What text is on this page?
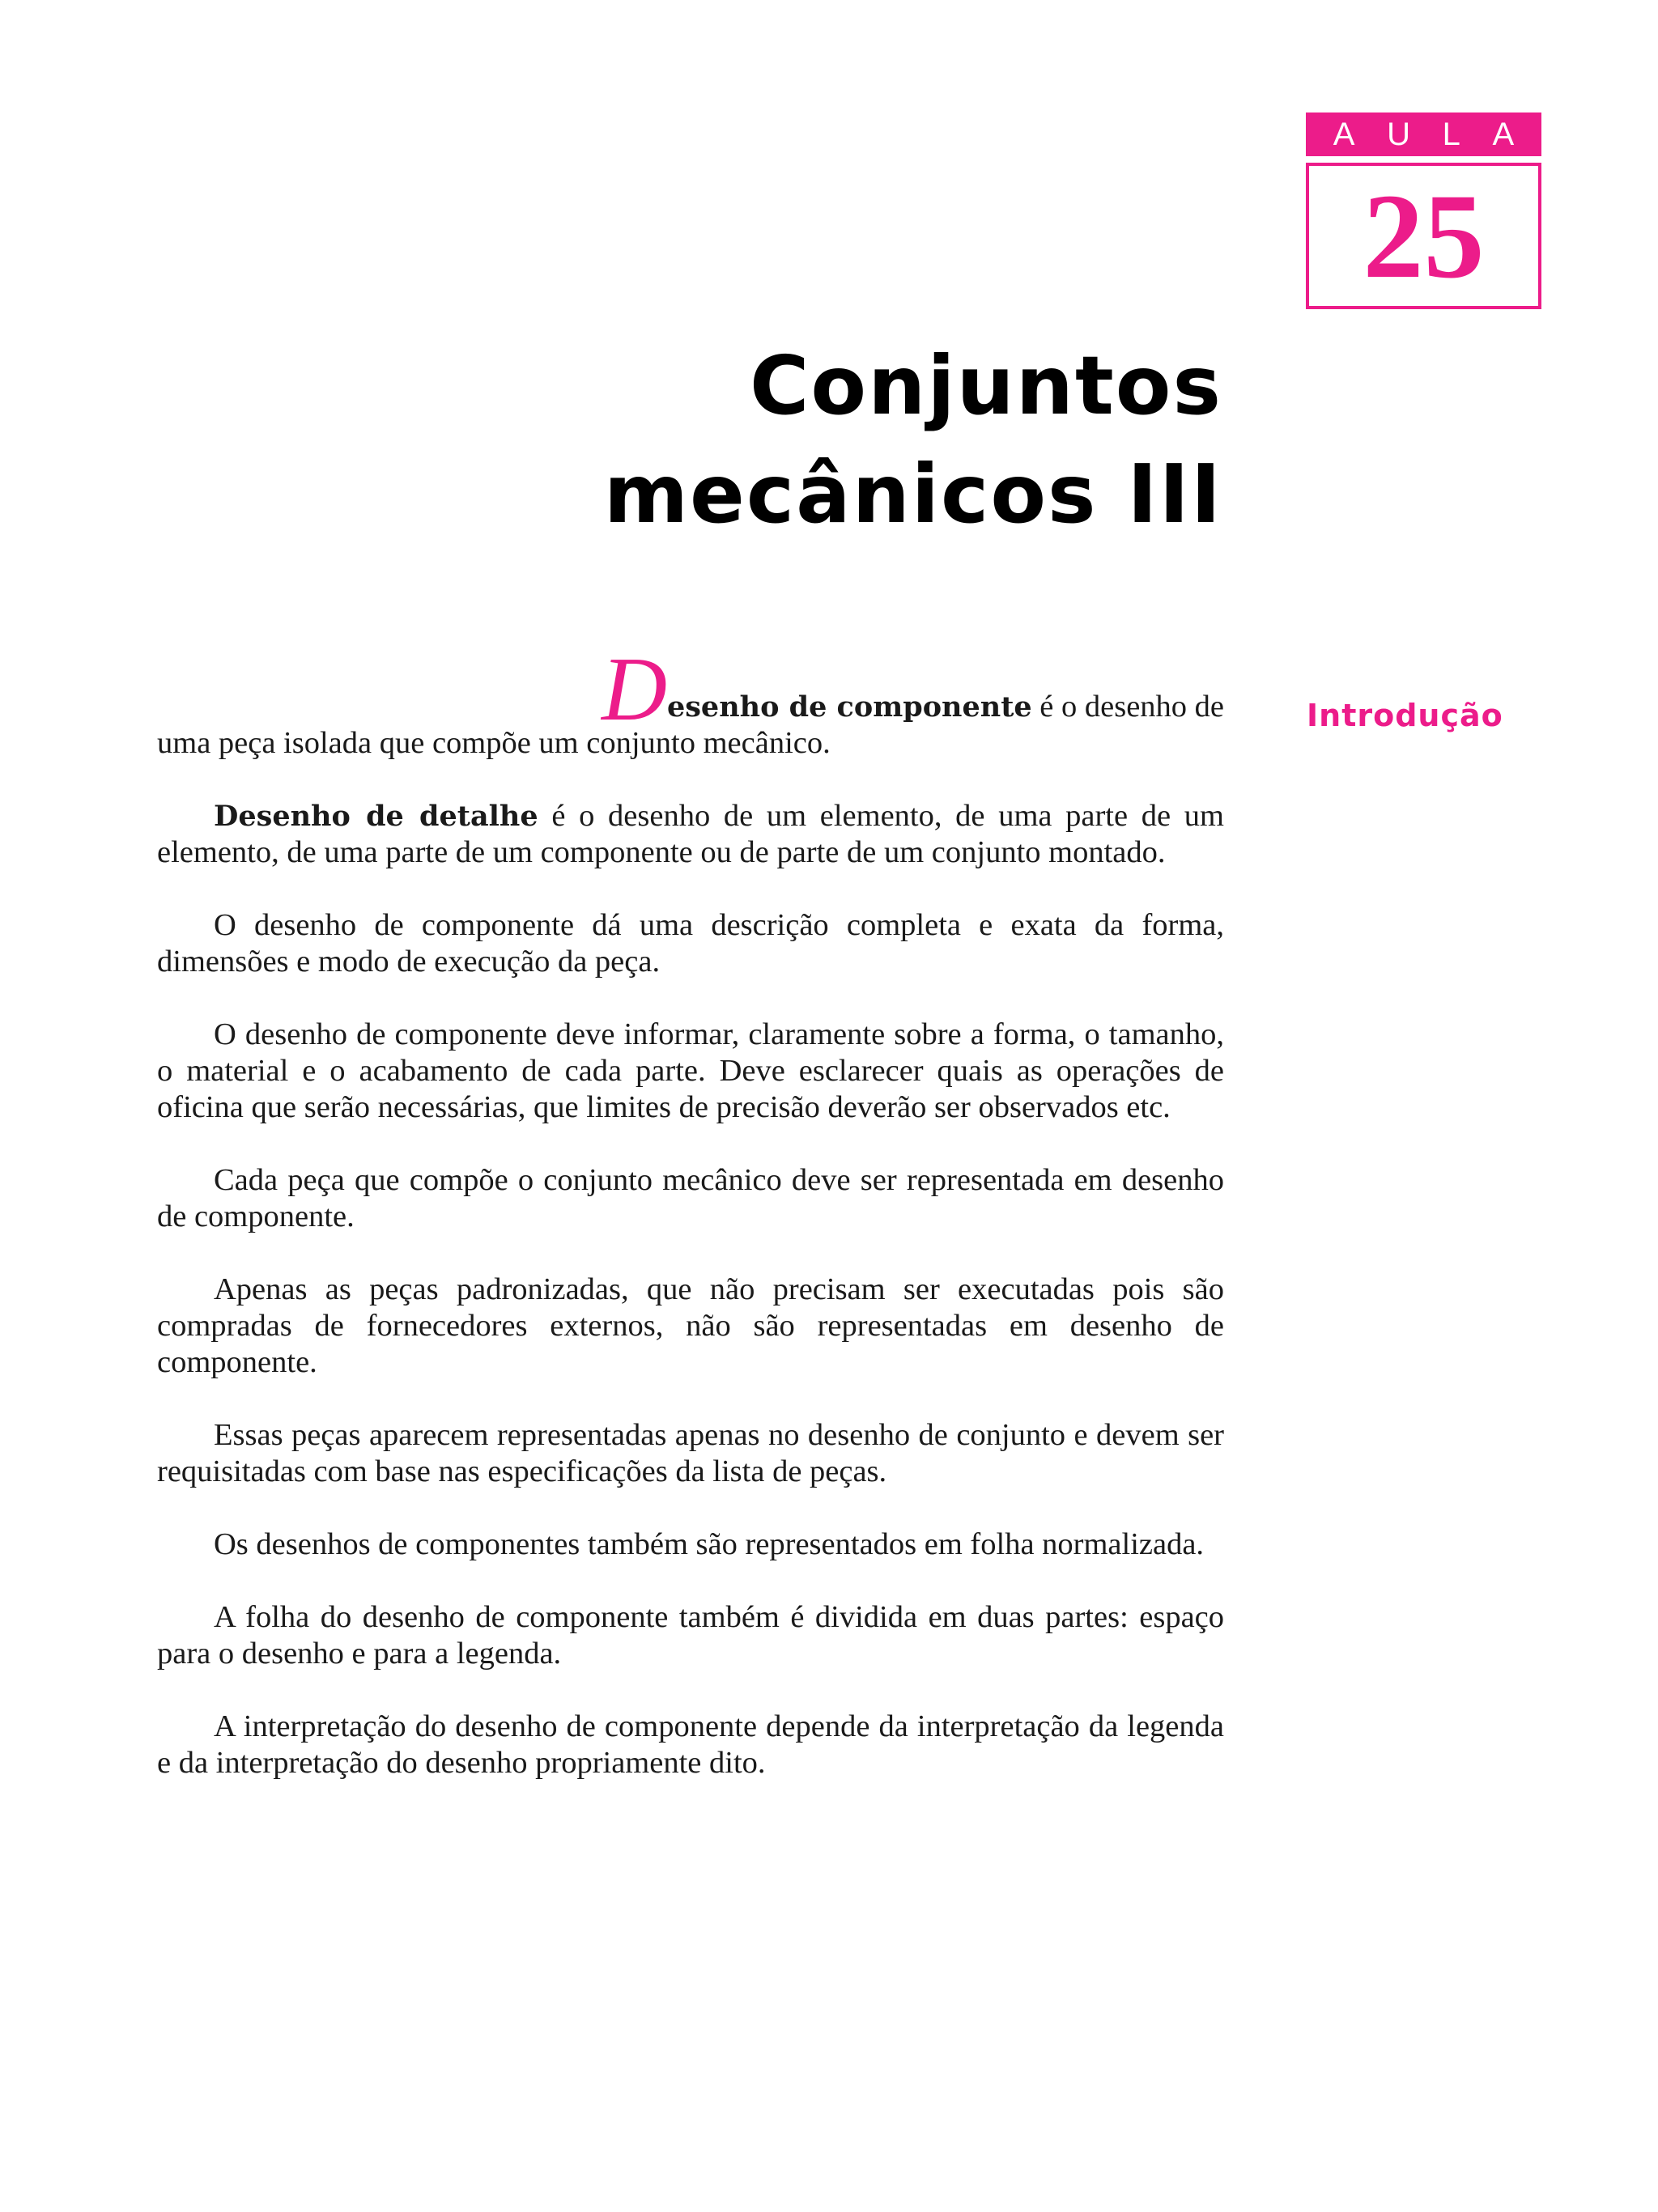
A U L A
25
Conjuntos
mecânicos III
Introdução
Desenho de componente é o desenho de

uma peça isolada que compõe um conjunto mecânico.

Desenho de detalhe é o desenho de um elemento, de uma parte de um elemento, de uma parte de um componente ou de parte de um conjunto montado.

O desenho de componente dá uma descrição completa e exata da forma, dimensões e modo de execução da peça.

O desenho de componente deve informar, claramente sobre a forma, o tamanho, o material e o acabamento de cada parte. Deve esclarecer quais as operações de oficina que serão necessárias, que limites de precisão deverão ser observados etc.

Cada peça que compõe o conjunto mecânico deve ser representada em desenho de componente.

Apenas as peças padronizadas, que não precisam ser executadas pois são compradas de fornecedores externos, não são representadas em desenho de componente.

Essas peças aparecem representadas apenas no desenho de conjunto e devem ser requisitadas com base nas especificações da lista de peças.

Os desenhos de componentes também são representados em folha normalizada.

A folha do desenho de componente também é dividida em duas partes: espaço para o desenho e para a legenda.

A interpretação do desenho de componente depende da interpretação da legenda e da interpretação do desenho propriamente dito.
